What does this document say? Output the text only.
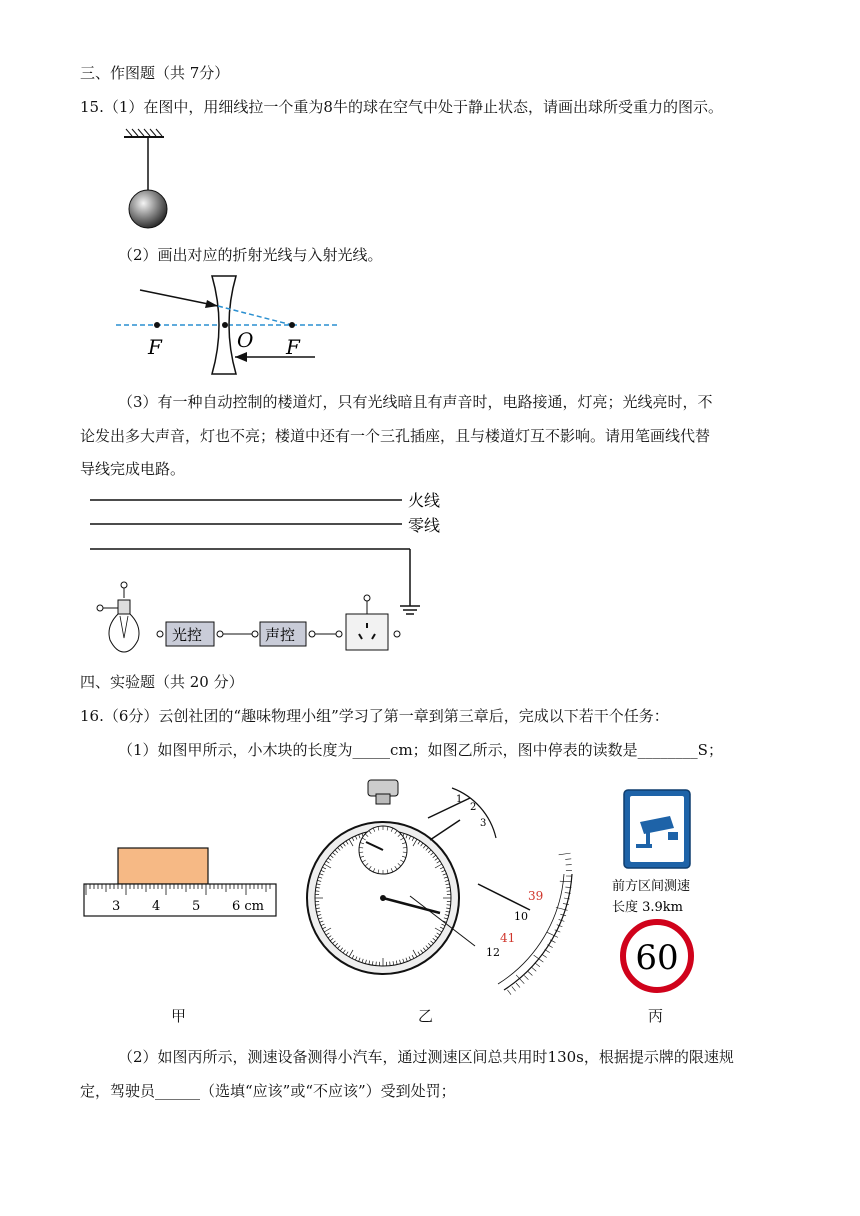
三、作图题（共 7分）
15.（1）在图中，用细线拉一个重为8牛的球在空气中处于静止状态，请画出球所受重力的图示。
（2）画出对应的折射光线与入射光线。
F	O F
（3）有一种自动控制的楼道灯，只有光线暗且有声音时，电路接通，灯亮；光线亮时，不
论发出多大声音，灯也不亮；楼道中还有一个三孔插座，且与楼道灯互不影响。请用笔画线代替
导线完成电路。
火线
零线
光控	声控
四、实验题（共 20 分）
16.（6分）云创社团的“趣味物理小组”学习了第一章到第三章后，完成以下若干个任务：
（1）如图甲所示，小木块的长度为_____cm；如图乙所示，图中停表的读数是________S；
3 4 5 6 cm
1
2
3
39
10
41
12
前方区间测速
长度 3.9km
60
甲	乙	丙
（2）如图丙所示，测速设备测得小汽车，通过测速区间总共用时130s，根据提示牌的限速规
定，驾驶员______（选填“应该”或“不应该”）受到处罚；
